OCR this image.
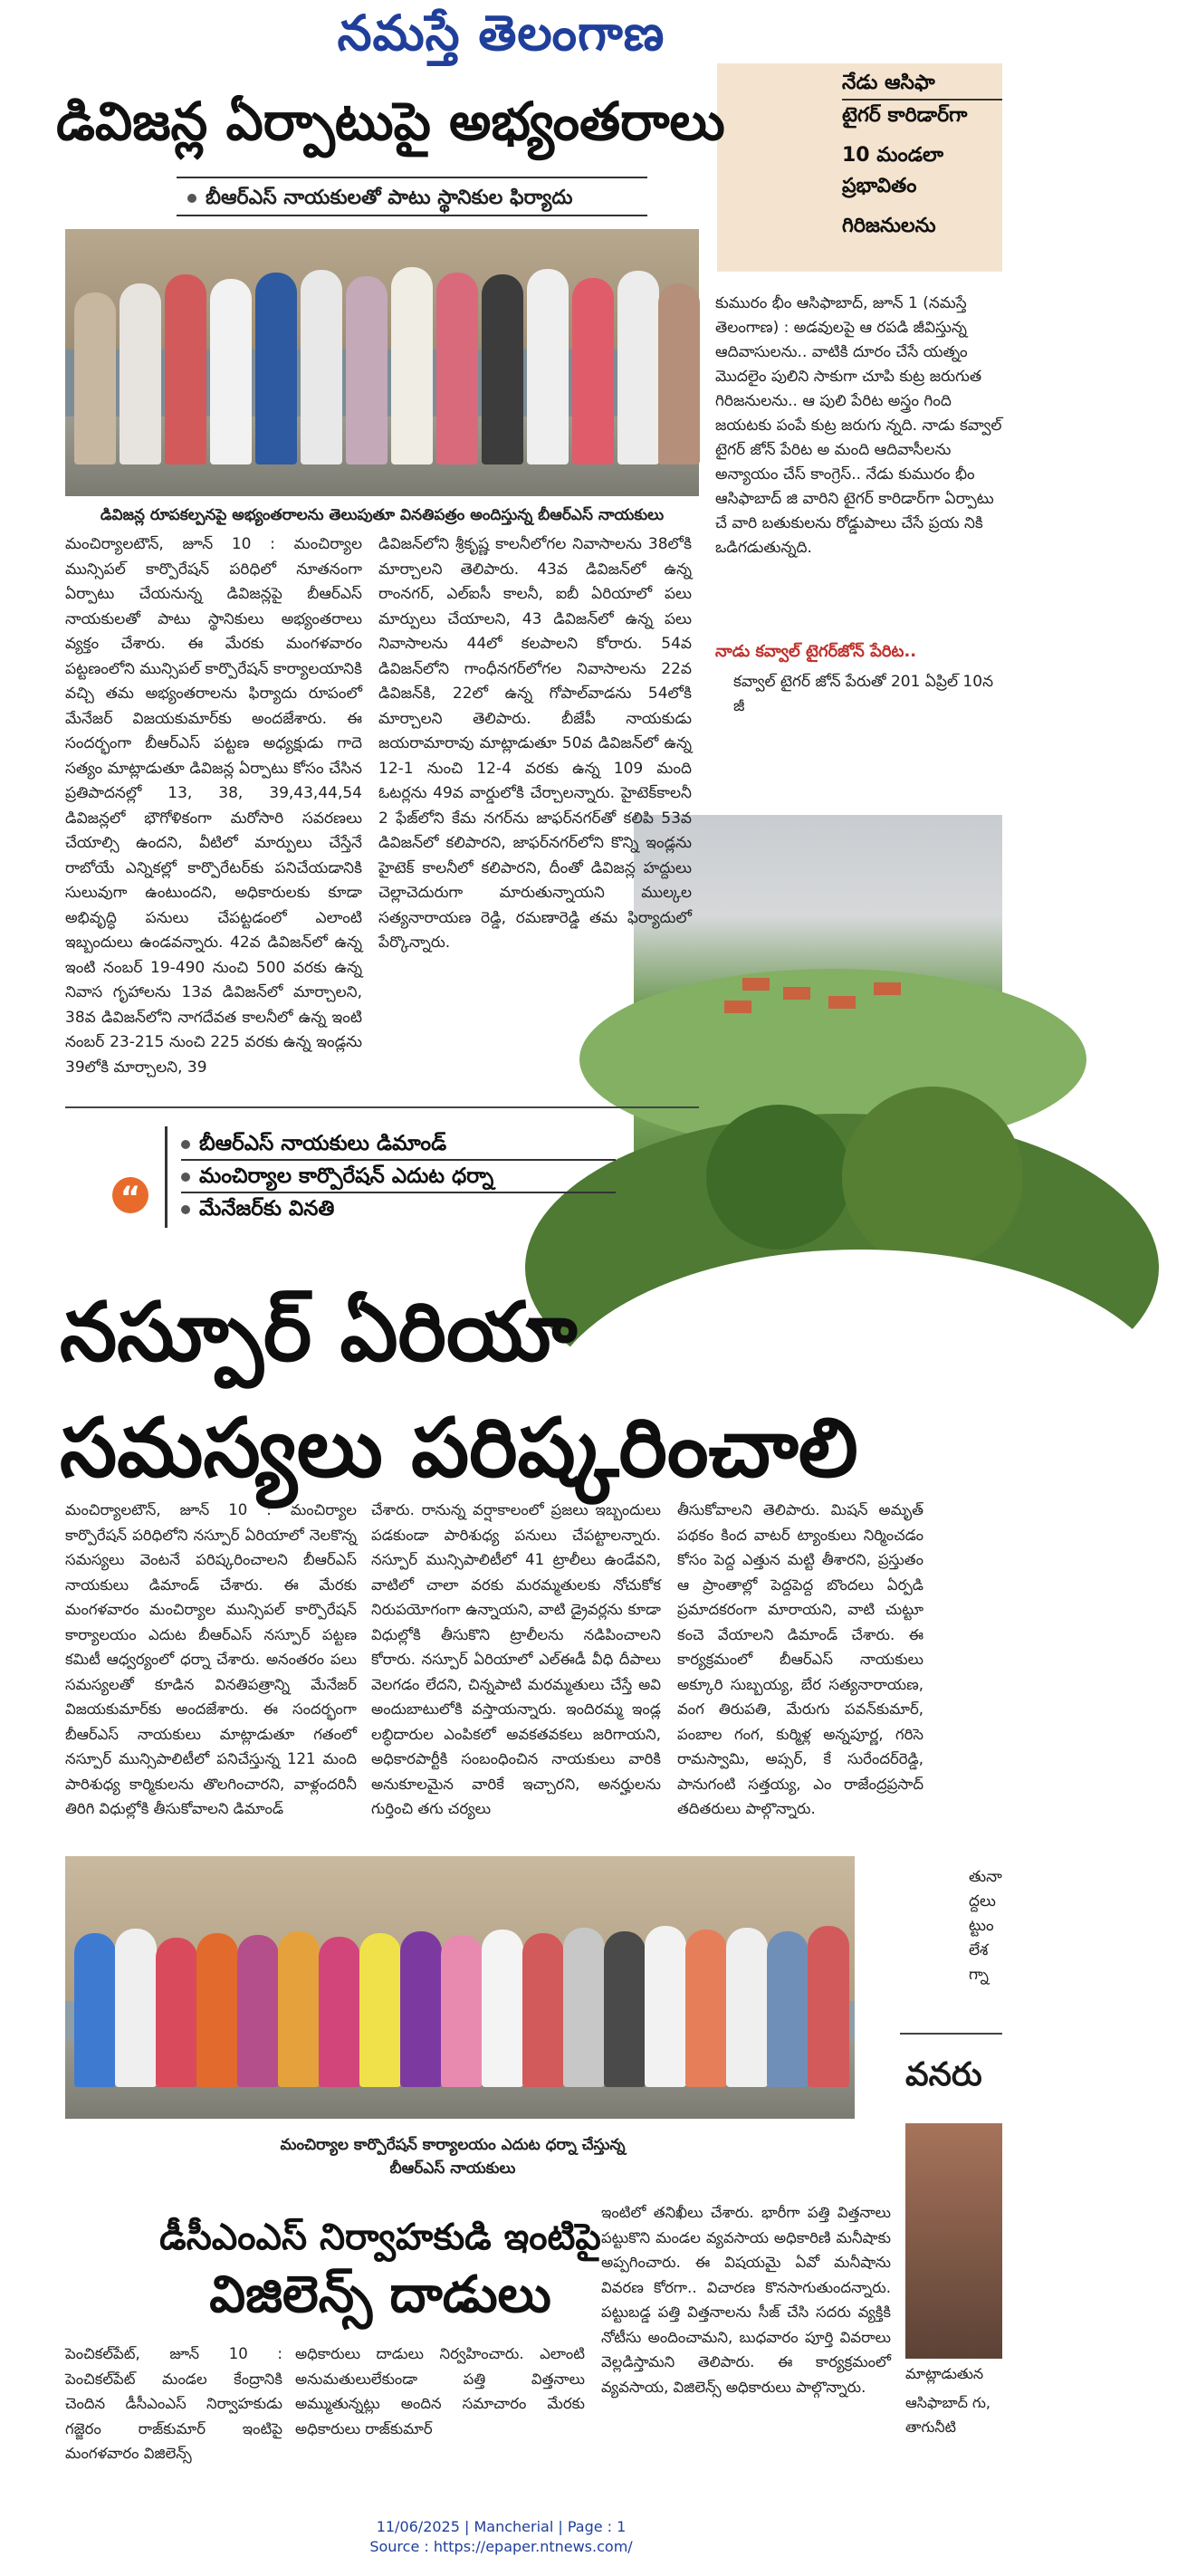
నమస్తే తెలంగాణ
నేడు ఆసిఫా
టైగర్ కారిడార్‌గా
10 మండలా
ప్రభావితం
గిరిజనులను
కుమురం భీం ఆసిఫాబాద్, జూన్ 1 (నమస్తే తెలంగాణ) : అడవులపై ఆ రపడి జీవిస్తున్న ఆదివాసులను.. వాటికి దూరం చేసే యత్నం మొదలైం పులిని సాకుగా చూపి కుట్ర జరుగుత గిరిజనులను.. ఆ పులి పేరిట అస్త్రం గింది జయటకు పంపే కుట్ర జరుగు న్నది. నాడు కవ్వాల్ టైగర్ జోన్ పేరిట అ మంది ఆదివాసీలను అన్యాయం చేస్ కాంగ్రెస్.. నేడు కుమురం భీం ఆసిఫాబాద్ జి వారిని టైగర్ కారిడార్‌గా ఏర్పాటు చే వారి బతుకులను రోడ్డుపాలు చేసే ప్రయ నికి ఒడిగడుతున్నది.
నాడు కవ్వాల్ టైగర్‌జోన్ పేరిట..
కవ్వాల్ టైగర్ జోన్ పేరుతో 201 ఏప్రిల్ 10న జీ
డివిజన్ల ఏర్పాటుపై అభ్యంతరాలు
బీఆర్ఎస్ నాయకులతో పాటు స్థానికుల ఫిర్యాదు
డివిజన్ల రూపకల్పనపై అభ్యంతరాలను తెలుపుతూ వినతిపత్రం అందిస్తున్న బీఆర్ఎస్ నాయకులు
మంచిర్యాలటౌన్, జూన్ 10 : మంచిర్యాల మున్సిపల్ కార్పొరేషన్ పరిధిలో నూతనంగా ఏర్పాటు చేయనున్న డివిజన్లపై బీఆర్ఎస్ నాయకులతో పాటు స్థానికులు అభ్యంతరాలు వ్యక్తం చేశారు. ఈ మేరకు మంగళవారం పట్టణంలోని మున్సిపల్ కార్పొరేషన్ కార్యాలయానికి వచ్చి తమ అభ్యంతరాలను ఫిర్యాదు రూపంలో మేనేజర్ విజయకుమార్‌కు అందజేశారు. ఈ సందర్భంగా బీఆర్ఎస్ పట్టణ అధ్యక్షుడు గాదె సత్యం మాట్లాడుతూ డివిజన్ల ఏర్పాటు కోసం చేసిన ప్రతిపాదనల్లో 13, 38, 39,43,44,54 డివిజన్లలో భౌగోళికంగా మరోసారి సవరణలు చేయాల్సి ఉందని, వీటిలో మార్పులు చేస్తేనే రాబోయే ఎన్నికల్లో కార్పొరేటర్‌కు పనిచేయడానికి సులువుగా ఉంటుందని, అధికారులకు కూడా అభివృద్ధి పనులు చేపట్టడంలో ఎలాంటి ఇబ్బందులు ఉండవన్నారు. 42వ డివిజన్‌లో ఉన్న ఇంటి నంబర్ 19-490 నుంచి 500 వరకు ఉన్న నివాస గృహాలను 13వ డివిజన్‌లో మార్చాలని, 38వ డివిజన్‌లోని నాగదేవత కాలనీలో ఉన్న ఇంటి నంబర్ 23-215 నుంచి 225 వరకు ఉన్న ఇండ్లను 39లోకి మార్చాలని, 39
డివిజన్‌లోని శ్రీకృష్ణ కాలనీలోగల నివాసాలను 38లోకి మార్చాలని తెలిపారు. 43వ డివిజన్‌లో ఉన్న రాంనగర్, ఎల్‌ఐసీ కాలనీ, ఐబీ ఏరియాలో పలు మార్పులు చేయాలని, 43 డివిజన్‌లో ఉన్న పలు నివాసాలను 44లో కలపాలని కోరారు. 54వ డివిజన్‌లోని గాంధీనగర్‌లోగల నివాసాలను 22వ డివిజన్‌కి, 22లో ఉన్న గోపాల్‌వాడను 54లోకి మార్చాలని తెలిపారు. బీజేపీ నాయకుడు జయరామారావు మాట్లాడుతూ 50వ డివిజన్‌లో ఉన్న 12-1 నుంచి 12-4 వరకు ఉన్న 109 మంది ఓటర్లను 49వ వార్డులోకి చేర్చాలన్నారు. హైటెక్‌కాలనీ 2 ఫేజ్‌లోని కేమ నగర్‌ను జాఫర్‌నగర్‌తో కలిపి 53వ డివిజన్‌లో కలిపారని, జాఫర్‌నగర్‌లోని కొన్ని ఇండ్లను హైటెక్ కాలనీలో కలిపారని, దీంతో డివిజన్ల హద్దులు చెల్లాచెదురుగా మారుతున్నాయని ముల్కల సత్యనారాయణ రెడ్డి, రమణారెడ్డి తమ ఫిర్యాదులో పేర్కొన్నారు.
“
బీఆర్ఎస్ నాయకులు డిమాండ్
మంచిర్యాల కార్పొరేషన్ ఎదుట ధర్నా
మేనేజర్‌కు వినతి
నస్పూర్ ఏరియా
సమస్యలు పరిష్కరించాలి
మంచిర్యాలటౌన్, జూన్ 10 : మంచిర్యాల కార్పొరేషన్ పరిధిలోని నస్పూర్ ఏరియాలో నెలకొన్న సమస్యలు వెంటనే పరిష్కరించాలని బీఆర్ఎస్ నాయకులు డిమాండ్ చేశారు. ఈ మేరకు మంగళవారం మంచిర్యాల మున్సిపల్ కార్పొరేషన్ కార్యాలయం ఎదుట బీఆర్ఎస్ నస్పూర్ పట్టణ కమిటీ ఆధ్వర్యంలో ధర్నా చేశారు. అనంతరం పలు సమస్యలతో కూడిన వినతిపత్రాన్ని మేనేజర్ విజయకుమార్‌కు అందజేశారు. ఈ సందర్భంగా బీఆర్ఎస్ నాయకులు మాట్లాడుతూ గతంలో నస్పూర్ మున్సిపాలిటీలో పనిచేస్తున్న 121 మంది పారిశుధ్య కార్మికులను తొలగించారని, వాళ్లందరినీ తిరిగి విధుల్లోకి తీసుకోవాలని డిమాండ్
చేశారు. రానున్న వర్షాకాలంలో ప్రజలు ఇబ్బందులు పడకుండా పారిశుధ్య పనులు చేపట్టాలన్నారు. నస్పూర్ మున్సిపాలిటీలో 41 ట్రాలీలు ఉండేవని, వాటిలో చాలా వరకు మరమ్మతులకు నోచుకోక నిరుపయోగంగా ఉన్నాయని, వాటి డ్రైవర్లను కూడా విధుల్లోకి తీసుకొని ట్రాలీలను నడిపించాలని కోరారు. నస్పూర్ ఏరియాలో ఎల్ఈడీ వీధి దీపాలు వెలగడం లేదని, చిన్నపాటి మరమ్మతులు చేస్తే అవి అందుబాటులోకి వస్తాయన్నారు. ఇందిరమ్మ ఇండ్ల లబ్ధిదారుల ఎంపికలో అవకతవకలు జరిగాయని, అధికారపార్టీకి సంబంధించిన నాయకులు వారికి అనుకూలమైన వారికే ఇచ్చారని, అనర్హులను గుర్తించి తగు చర్యలు
తీసుకోవాలని తెలిపారు. మిషన్ అమృత్ పథకం కింద వాటర్ ట్యాంకులు నిర్మించడం కోసం పెద్ద ఎత్తున మట్టి తీశారని, ప్రస్తుతం ఆ ప్రాంతాల్లో పెద్దపెద్ద బొందలు ఏర్పడి ప్రమాదకరంగా మారాయని, వాటి చుట్టూ కంచె వేయాలని డిమాండ్ చేశారు. ఈ కార్యక్రమంలో బీఆర్ఎస్ నాయకులు అక్కూరి సుబ్బయ్య, బేర సత్యనారాయణ, వంగ తిరుపతి, మేరుగు పవన్‌కుమార్, పంబాల గంగ, కుర్మిళ్ల అన్నపూర్ణ, గరిసె రామస్వామి, అప్సర్, కే సురేందర్‌రెడ్డి, పానుగంటి సత్తయ్య, ఎం రాజేంద్రప్రసాద్ తదితరులు పాల్గొన్నారు.
మంచిర్యాల కార్పొరేషన్ కార్యాలయం ఎదుట ధర్నా చేస్తున్న
బీఆర్ఎస్ నాయకులు
తునా ద్దలు ట్టుం లేశ గ్నా
వనరు
మాట్లాడుతున
ఆసిఫాబాద్ గు, తాగునీటి
డీసీఎంఎస్ నిర్వాహకుడి ఇంటిపై
విజిలెన్స్ దాడులు
పెంచికల్‌పేట్, జూన్ 10 : పెంచికల్‌పేట్ మండల కేంద్రానికి చెందిన డీసీఎంఎస్ నిర్వాహకుడు గజ్జెరం రాజ్‌కుమార్ ఇంటిపై మంగళవారం విజిలెన్స్
అధికారులు దాడులు నిర్వహించారు. ఎలాంటి అనుమతులులేకుండా పత్తి విత్తనాలు అమ్ముతున్నట్లు అందిన సమాచారం మేరకు అధికారులు రాజ్‌కుమార్
ఇంటిలో తనిఖీలు చేశారు. భారీగా పత్తి విత్తనాలు పట్టుకొని మండల వ్యవసాయ అధికారిణి మనీషాకు అప్పగించారు. ఈ విషయమై ఏవో మనీషాను వివరణ కోరగా.. విచారణ కొనసాగుతుందన్నారు. పట్టుబడ్డ పత్తి విత్తనాలను సీజ్ చేసి సదరు వ్యక్తికి నోటీసు అందించామని, బుధవారం పూర్తి వివరాలు వెల్లడిస్తామని తెలిపారు. ఈ కార్యక్రమంలో వ్యవసాయ, విజిలెన్స్ అధికారులు పాల్గొన్నారు.
11/06/2025 | Mancherial | Page : 1
Source : https://epaper.ntnews.com/
